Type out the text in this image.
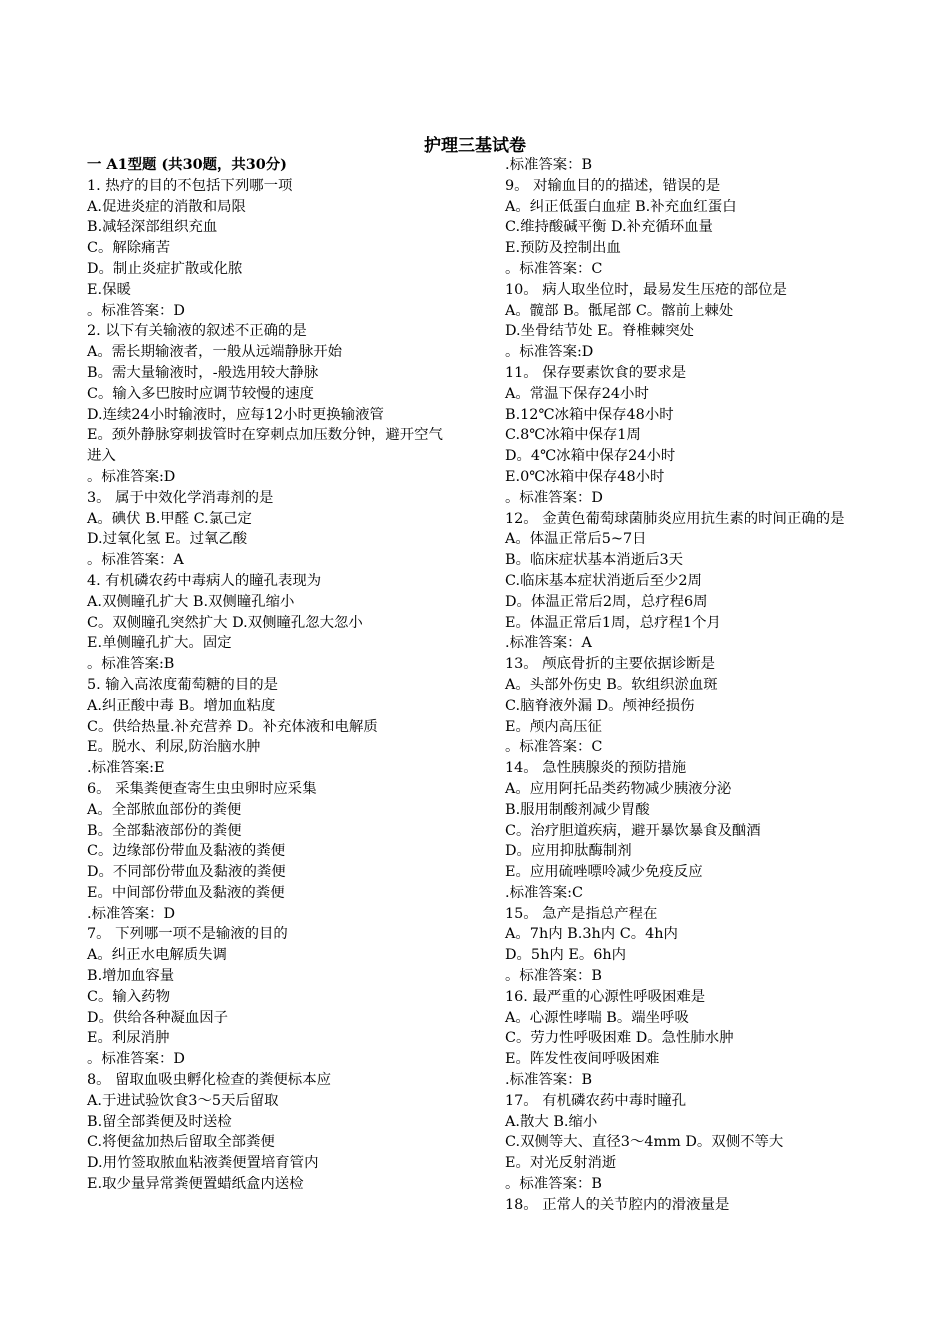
护理三基试卷
一 A1型题 (共30题，共30分)
1. 热疗的目的不包括下列哪一项
A.促进炎症的消散和局限
B.减轻深部组织充血
C。解除痛苦
D。制止炎症扩散或化脓
E.保暖
。标准答案：D
2. 以下有关输液的叙述不正确的是
A。需长期输液者，一般从远端静脉开始
B。需大量输液时，-般选用较大静脉
C。输入多巴胺时应调节较慢的速度
D.连续24小时输液时，应每12小时更换输液管
E。颈外静脉穿刺拔管时在穿刺点加压数分钟，避开空气进入
。标准答案:D
3。 属于中效化学消毒剂的是
A。碘伏 B.甲醛 C.氯己定
D.过氧化氢 E。过氧乙酸
。标准答案：A
4. 有机磷农药中毒病人的瞳孔表现为
A.双侧瞳孔扩大 B.双侧瞳孔缩小
C。双侧瞳孔突然扩大 D.双侧瞳孔忽大忽小
E.单侧瞳孔扩大。固定
。标准答案:B
5. 输入高浓度葡萄糖的目的是
A.纠正酸中毒 B。增加血粘度
C。供给热量.补充营养 D。补充体液和电解质
E。脱水、利尿,防治脑水肿
.标准答案:E
6。 采集粪便查寄生虫虫卵时应采集
A。全部脓血部份的粪便
B。全部黏液部份的粪便
C。边缘部份带血及黏液的粪便
D。不同部份带血及黏液的粪便
E。中间部份带血及黏液的粪便
.标准答案：D
7。 下列哪一项不是输液的目的
A。纠正水电解质失调
B.增加血容量
C。输入药物
D。供给各种凝血因子
E。利尿消肿
。标准答案：D
8。 留取血吸虫孵化检查的粪便标本应
A.于进试验饮食3～5天后留取
B.留全部粪便及时送检
C.将便盆加热后留取全部粪便
D.用竹签取脓血粘液粪便置培育管内
E.取少量异常粪便置蜡纸盒内送检
.标准答案：B
9。 对输血目的的描述，错误的是
A。纠正低蛋白血症 B.补充血红蛋白
C.维持酸碱平衡 D.补充循环血量
E.预防及控制出血
。标准答案：C
10。 病人取坐位时，最易发生压疮的部位是
A。髋部 B。骶尾部 C。髂前上棘处
D.坐骨结节处 E。脊椎棘突处
。标准答案:D
11。 保存要素饮食的要求是
A。常温下保存24小时
B.12℃冰箱中保存48小时
C.8℃冰箱中保存1周
D。4℃冰箱中保存24小时
E.0℃冰箱中保存48小时
。标准答案：D
12。 金黄色葡萄球菌肺炎应用抗生素的时间正确的是
A。体温正常后5~7日
B。临床症状基本消逝后3天
C.临床基本症状消逝后至少2周
D。体温正常后2周，总疗程6周
E。体温正常后1周，总疗程1个月
.标准答案：A
13。 颅底骨折的主要依据诊断是
A。头部外伤史 B。软组织淤血斑
C.脑脊液外漏 D。颅神经损伤
E。颅内高压征
。标准答案：C
14。 急性胰腺炎的预防措施
A。应用阿托品类药物减少胰液分泌
B.服用制酸剂减少胃酸
C。治疗胆道疾病，避开暴饮暴食及酗酒
D。应用抑肽酶制剂
E。应用硫唑嘌呤减少免疫反应
.标准答案:C
15。 急产是指总产程在
A。7h内 B.3h内 C。4h内
D。5h内 E。6h内
。标准答案：B
16. 最严重的心源性呼吸困难是
A。心源性哮喘 B。端坐呼吸
C。劳力性呼吸困难 D。急性肺水肿
E。阵发性夜间呼吸困难
.标准答案：B
17。 有机磷农药中毒时瞳孔
A.散大 B.缩小
C.双侧等大、直径3～4mm D。双侧不等大
E。对光反射消逝
。标准答案：B
18。 正常人的关节腔内的滑液量是
